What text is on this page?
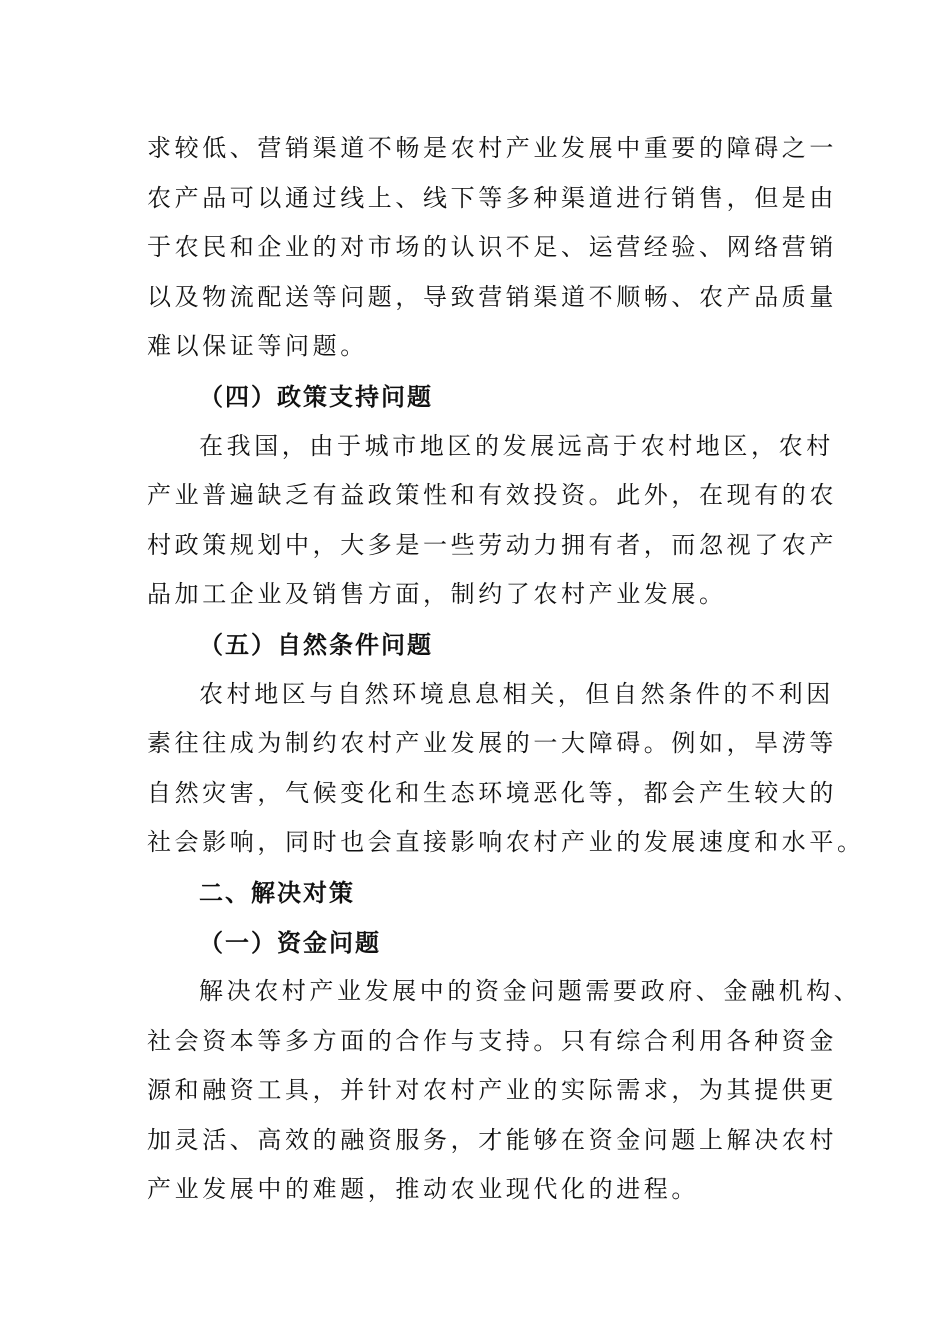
求较低、营销渠道不畅是农村产业发展中重要的障碍之一
农产品可以通过线上、线下等多种渠道进行销售，但是由
于农民和企业的对市场的认识不足、运营经验、网络营销
以及物流配送等问题，导致营销渠道不顺畅、农产品质量
难以保证等问题。
（四）政策支持问题
在我国，由于城市地区的发展远高于农村地区，农村
产业普遍缺乏有益政策性和有效投资。此外，在现有的农
村政策规划中，大多是一些劳动力拥有者，而忽视了农产
品加工企业及销售方面，制约了农村产业发展。
（五）自然条件问题
农村地区与自然环境息息相关，但自然条件的不利因
素往往成为制约农村产业发展的一大障碍。例如，旱涝等
自然灾害，气候变化和生态环境恶化等，都会产生较大的
社会影响，同时也会直接影响农村产业的发展速度和水平。
二、解决对策
（一）资金问题
解决农村产业发展中的资金问题需要政府、金融机构、
社会资本等多方面的合作与支持。只有综合利用各种资金
源和融资工具，并针对农村产业的实际需求，为其提供更
加灵活、高效的融资服务，才能够在资金问题上解决农村
产业发展中的难题，推动农业现代化的进程。
